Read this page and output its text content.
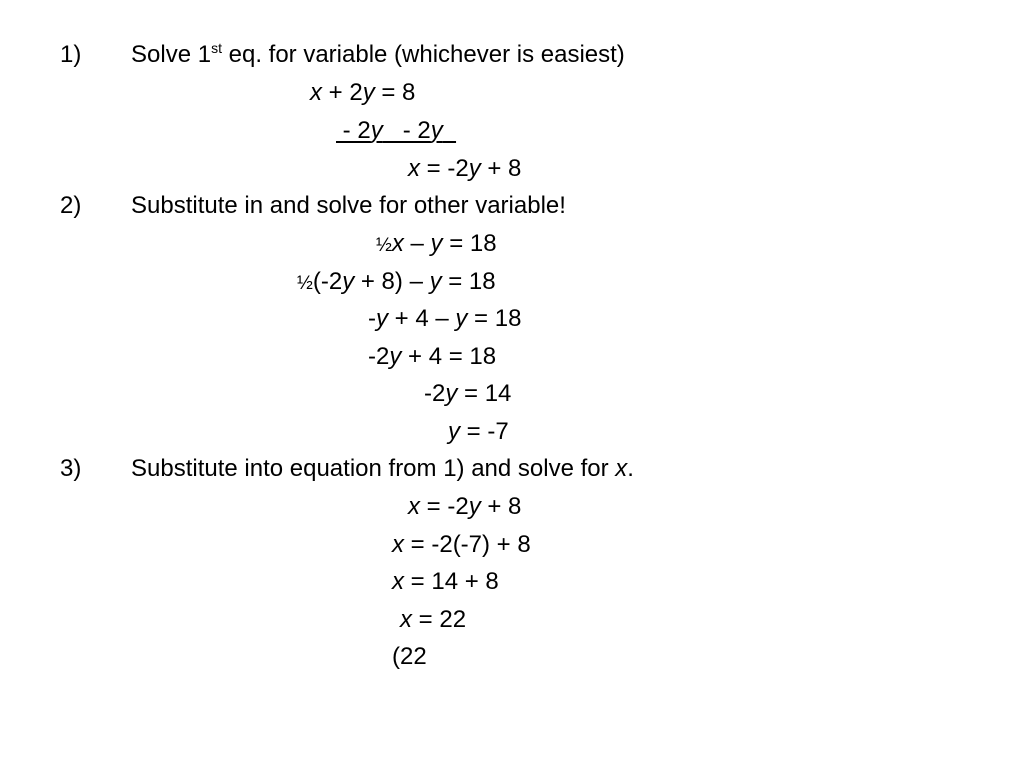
1) Solve 1st eq. for variable (whichever is easiest)
x + 2y = 8
- 2y   - 2y
x = -2y + 8
2) Substitute in and solve for other variable!
½x – y = 18
½(-2y + 8) – y = 18
-y + 4 – y = 18
-2y + 4 = 18
-2y = 14
y = -7
3) Substitute into equation from 1) and solve for x.
x = -2y + 8
x = -2(-7) + 8
x = 14 + 8
x = 22
(22
